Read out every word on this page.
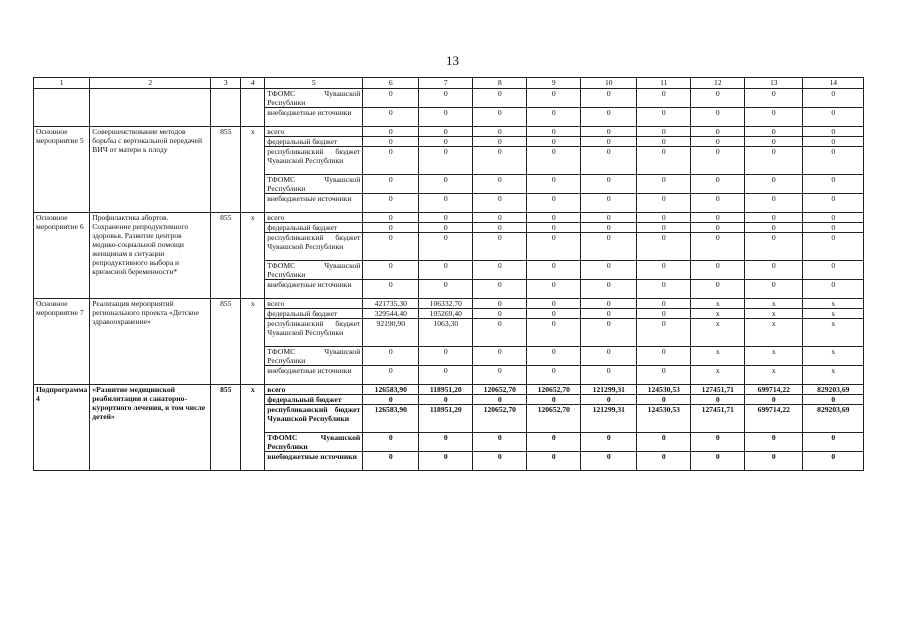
13
1	2	3	4	5	6	7	8	9	10	11	12	13	14
				ТФОМС Чувашской Республики	0	0	0	0	0	0	0	0	0
				внебюджетные источники	0	0	0	0	0	0	0	0	0
Основное мероприятие 5	Совершенствование методов борьбы с вертикальной передачей ВИЧ от матери к плоду	855	х	всего	0	0	0	0	0	0	0	0	0
				федеральный бюджет	0	0	0	0	0	0	0	0	0
				республиканский бюджет Чувашской Республики	0	0	0	0	0	0	0	0	0
				ТФОМС Чувашской Республики	0	0	0	0	0	0	0	0	0
				внебюджетные источники	0	0	0	0	0	0	0	0	0
Основное мероприятие 6	Профилактика абортов. Сохранение репродуктивного здоровья. Развитие центров медико-социальной помощи женщинам в ситуации репродуктивного выбора и кризисной беременности*	855	х	всего	0	0	0	0	0	0	0	0	0
				федеральный бюджет	0	0	0	0	0	0	0	0	0
				республиканский бюджет Чувашской Республики	0	0	0	0	0	0	0	0	0
				ТФОМС Чувашской Республики	0	0	0	0	0	0	0	0	0
				внебюджетные источники	0	0	0	0	0	0	0	0	0
Основное мероприятие 7	Реализация мероприятий регионального проекта «Детское здравоохранение»	855	х	всего	421735,30	106332,70	0	0	0	0	х	х	х
				федеральный бюджет	329544,40	105269,40	0	0	0	0	х	х	х
				республиканский бюджет Чувашской Республики	92190,90	1063,30	0	0	0	0	х	х	х
				ТФОМС Чувашской Республики	0	0	0	0	0	0	х	х	х
				внебюджетные источники	0	0	0	0	0	0	х	х	х
Подпрограмма 4	«Развитие медицинской реабилитации и санаторно-курортного лечения, в том числе детей»	855	х	всего	126583,90	118951,20	120652,70	120652,70	121299,31	124530,53	127451,71	699714,22	829203,69
				федеральный бюджет	0	0	0	0	0	0	0	0	0
				республиканский бюджет Чувашской Республики	126583,90	118951,20	120652,70	120652,70	121299,31	124530,53	127451,71	699714,22	829203,69
				ТФОМС Чувашской Республики	0	0	0	0	0	0	0	0	0
				внебюджетные источники	0	0	0	0	0	0	0	0	0
